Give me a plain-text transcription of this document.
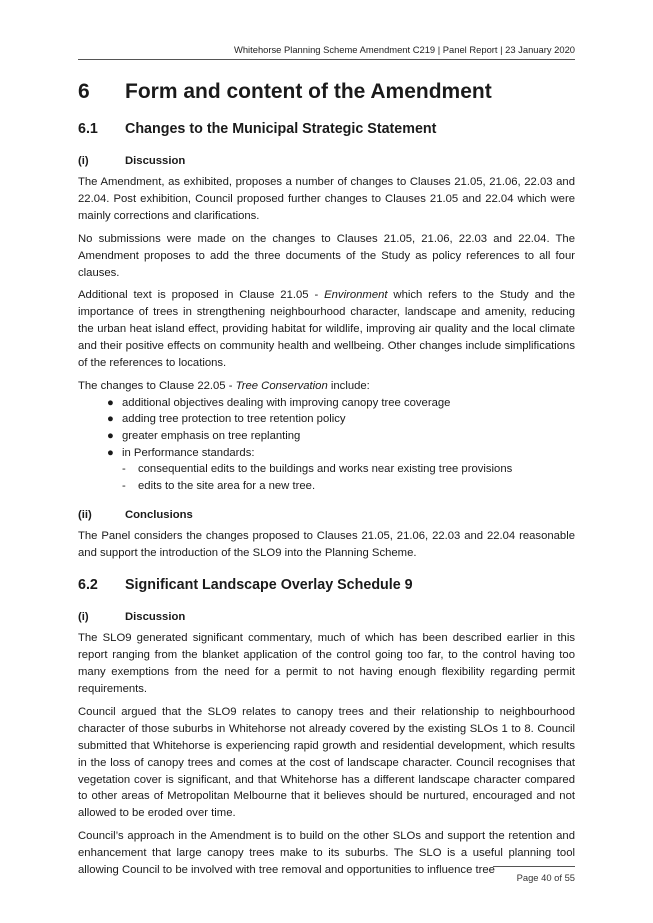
Whitehorse Planning Scheme Amendment C219 | Panel Report | 23 January 2020
6	Form and content of the Amendment
6.1	Changes to the Municipal Strategic Statement
(i)	Discussion

The Amendment, as exhibited, proposes a number of changes to Clauses 21.05, 21.06, 22.03 and 22.04. Post exhibition, Council proposed further changes to Clauses 21.05 and 22.04 which were mainly corrections and clarifications.

No submissions were made on the changes to Clauses 21.05, 21.06, 22.03 and 22.04. The Amendment proposes to add the three documents of the Study as policy references to all four clauses.

Additional text is proposed in Clause 21.05 - Environment which refers to the Study and the importance of trees in strengthening neighbourhood character, landscape and amenity, reducing the urban heat island effect, providing habitat for wildlife, improving air quality and the local climate and their positive effects on community health and wellbeing. Other changes include simplifications of the references to locations.

The changes to Clause 22.05 - Tree Conservation include:

● additional objectives dealing with improving canopy tree coverage
● adding tree protection to tree retention policy
● greater emphasis on tree replanting
● in Performance standards:
- consequential edits to the buildings and works near existing tree provisions
- edits to the site area for a new tree.
(ii)	Conclusions

The Panel considers the changes proposed to Clauses 21.05, 21.06, 22.03 and 22.04 reasonable and support the introduction of the SLO9 into the Planning Scheme.

6.2	Significant Landscape Overlay Schedule 9
(i)	Discussion

The SLO9 generated significant commentary, much of which has been described earlier in this report ranging from the blanket application of the control going too far, to the control having too many exemptions from the need for a permit to not having enough flexibility regarding permit requirements.

Council argued that the SLO9 relates to canopy trees and their relationship to neighbourhood character of those suburbs in Whitehorse not already covered by the existing SLOs 1 to 8. Council submitted that Whitehorse is experiencing rapid growth and residential development, which results in the loss of canopy trees and comes at the cost of landscape character. Council recognises that vegetation cover is significant, and that Whitehorse has a different landscape character compared to other areas of Metropolitan Melbourne that it believes should be nurtured, encouraged and not allowed to be eroded over time.

Council’s approach in the Amendment is to build on the other SLOs and support the retention and enhancement that large canopy trees make to its suburbs. The SLO is a useful planning tool allowing Council to be involved with tree removal and opportunities to influence tree

Page 40 of 55
